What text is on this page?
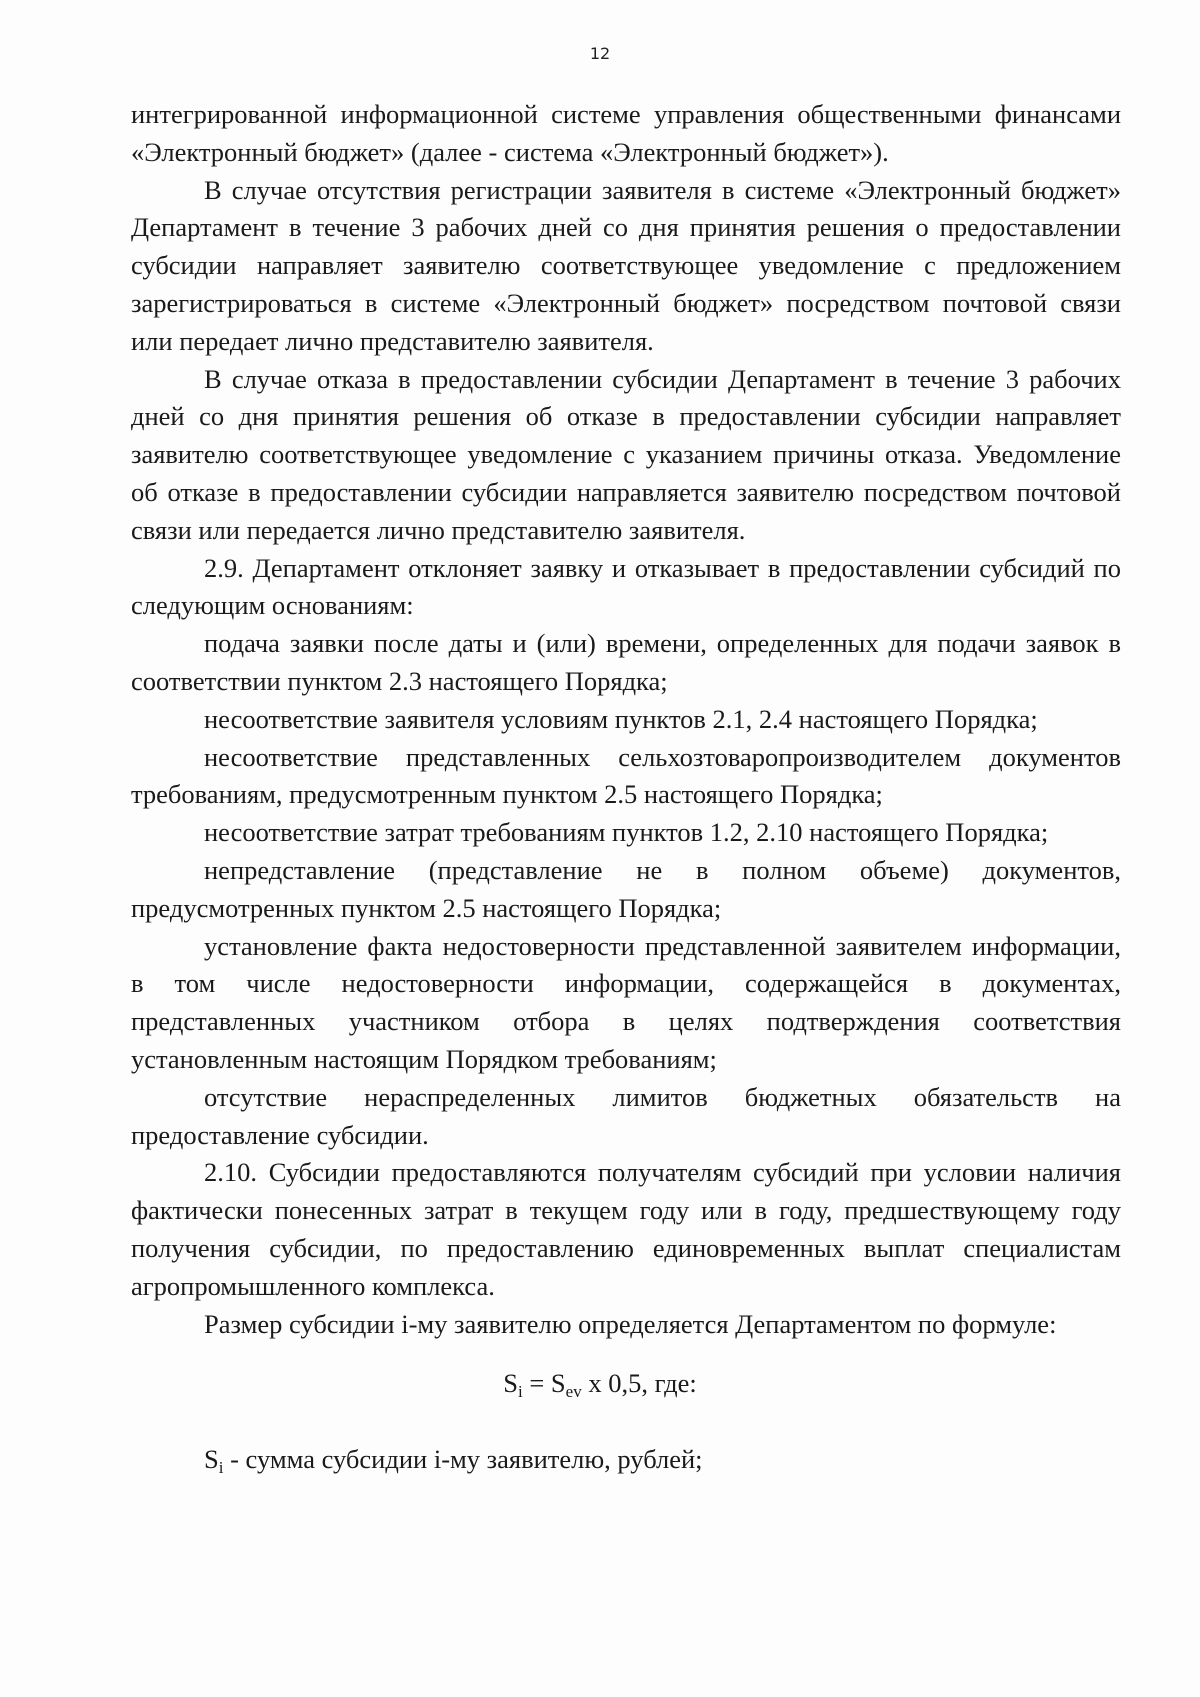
12

интегрированной информационной системе управления общественными финансами «Электронный бюджет» (далее - система «Электронный бюджет»).

В случае отсутствия регистрации заявителя в системе «Электронный бюджет» Департамент в течение 3 рабочих дней со дня принятия решения о предоставлении субсидии направляет заявителю соответствующее уведомление с предложением зарегистрироваться в системе «Электронный бюджет» посредством почтовой связи или передает лично представителю заявителя.

В случае отказа в предоставлении субсидии Департамент в течение 3 рабочих дней со дня принятия решения об отказе в предоставлении субсидии направляет заявителю соответствующее уведомление с указанием причины отказа. Уведомление об отказе в предоставлении субсидии направляется заявителю посредством почтовой связи или передается лично представителю заявителя.

2.9. Департамент отклоняет заявку и отказывает в предоставлении субсидий по следующим основаниям:

подача заявки после даты и (или) времени, определенных для подачи заявок в соответствии пунктом 2.3 настоящего Порядка;

несоответствие заявителя условиям пунктов 2.1, 2.4 настоящего Порядка;

несоответствие представленных сельхозтоваропроизводителем документов требованиям, предусмотренным пунктом 2.5 настоящего Порядка;

несоответствие затрат требованиям пунктов 1.2, 2.10 настоящего Порядка;

непредставление (представление не в полном объеме) документов, предусмотренных пунктом 2.5 настоящего Порядка;

установление факта недостоверности представленной заявителем информации, в том числе недостоверности информации, содержащейся в документах, представленных участником отбора в целях подтверждения соответствия установленным настоящим Порядком требованиям;

отсутствие нераспределенных лимитов бюджетных обязательств на предоставление субсидии.

2.10. Субсидии предоставляются получателям субсидий при условии наличия фактически понесенных затрат в текущем году или в году, предшествующему году получения субсидии, по предоставлению единовременных выплат специалистам агропромышленного комплекса.

Размер субсидии i-му заявителю определяется Департаментом по формуле:

$S_i = S_{ev}$ х 0,5, где:
$S_i$ - сумма субсидии i-му заявителю, рублей;
